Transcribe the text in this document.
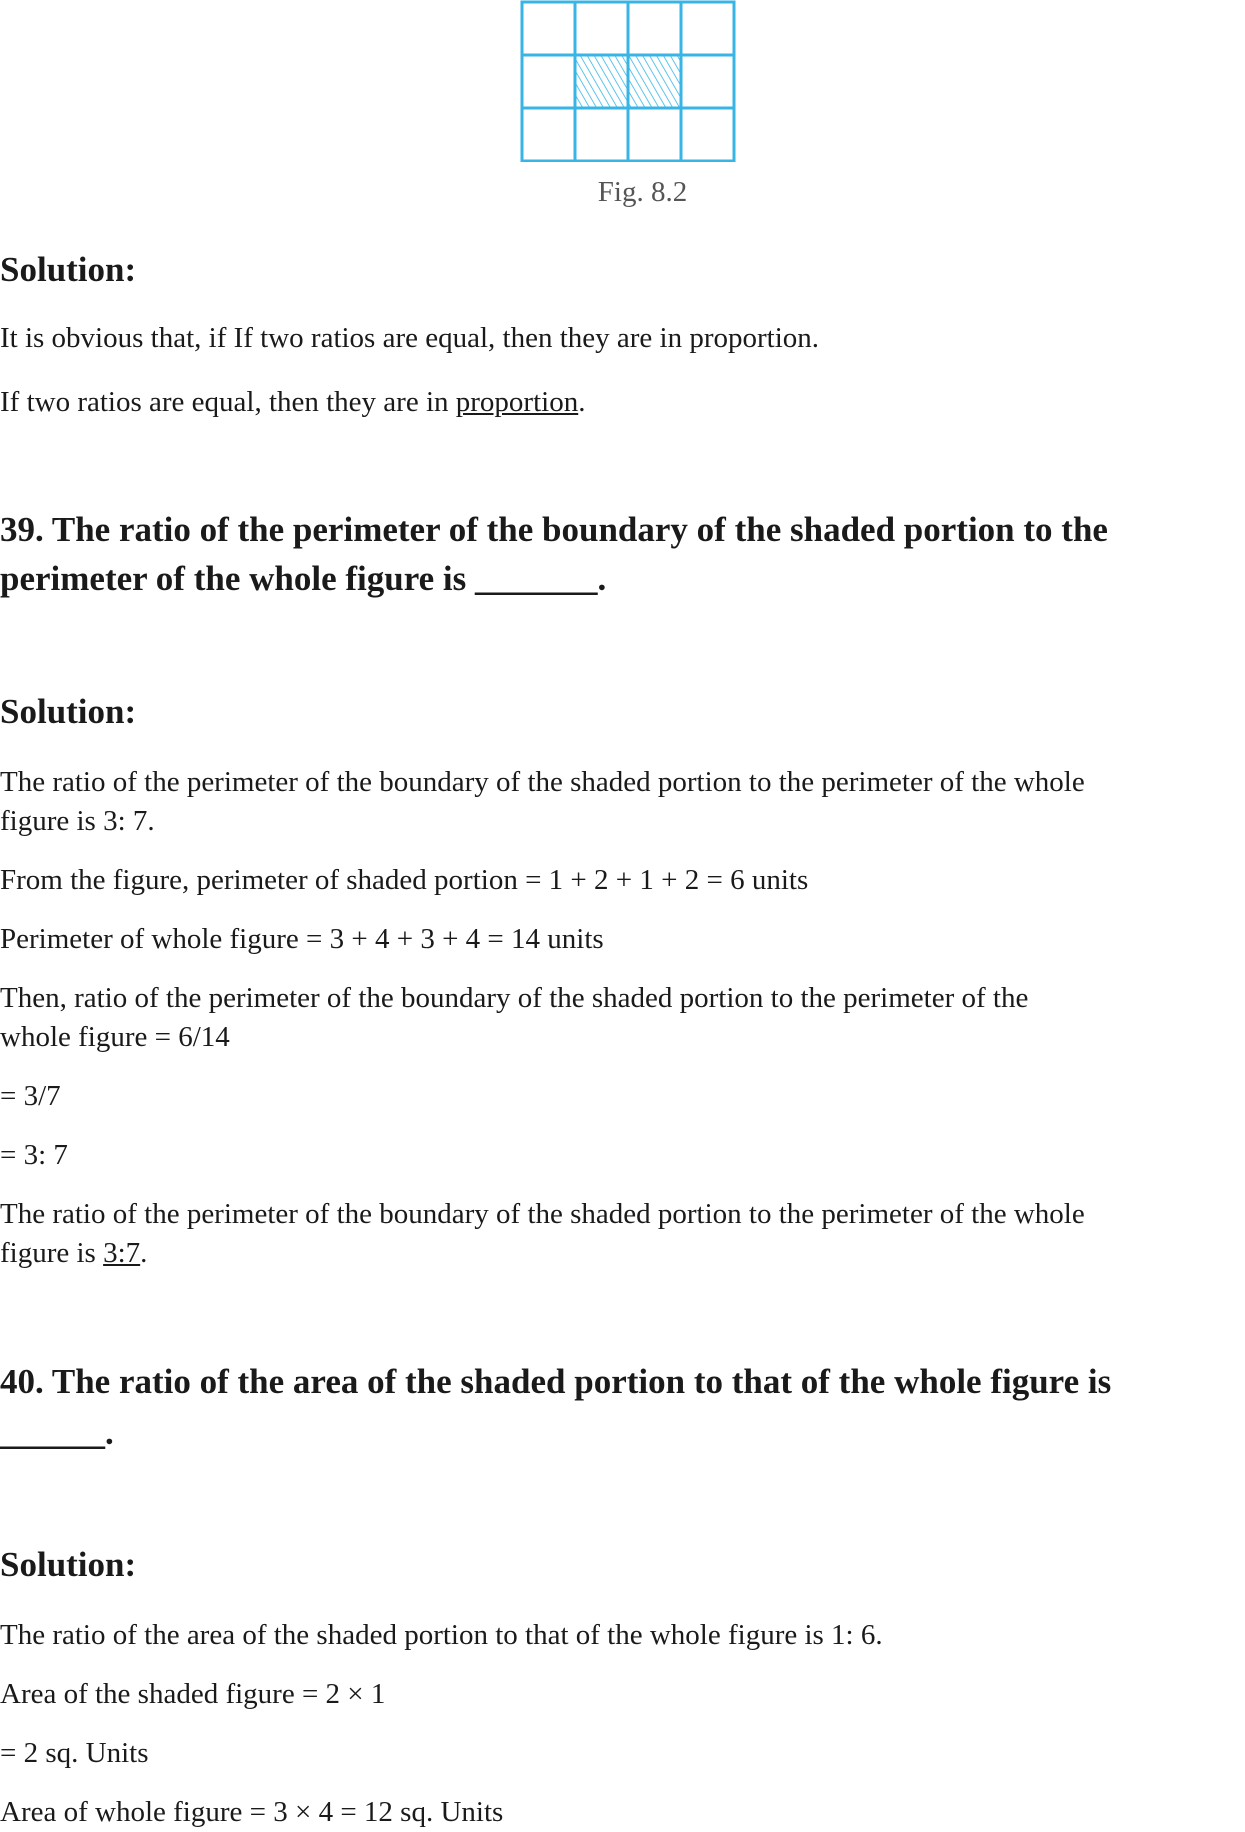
Fig. 8.2
Solution:
It is obvious that, if If two ratios are equal, then they are in proportion.
If two ratios are equal, then they are in proportion.
39. The ratio of the perimeter of the boundary of the shaded portion to the
perimeter of the whole figure is _______.
Solution:
The ratio of the perimeter of the boundary of the shaded portion to the perimeter of the whole
figure is 3: 7.
From the figure, perimeter of shaded portion = 1 + 2 + 1 + 2 = 6 units
Perimeter of whole figure = 3 + 4 + 3 + 4 = 14 units
Then, ratio of the perimeter of the boundary of the shaded portion to the perimeter of the
whole figure = 6/14
= 3/7
= 3: 7
The ratio of the perimeter of the boundary of the shaded portion to the perimeter of the whole
figure is 3:7.
40. The ratio of the area of the shaded portion to that of the whole figure is
______.
Solution:
The ratio of the area of the shaded portion to that of the whole figure is 1: 6.
Area of the shaded figure = 2 × 1
= 2 sq. Units
Area of whole figure = 3 × 4 = 12 sq. Units
